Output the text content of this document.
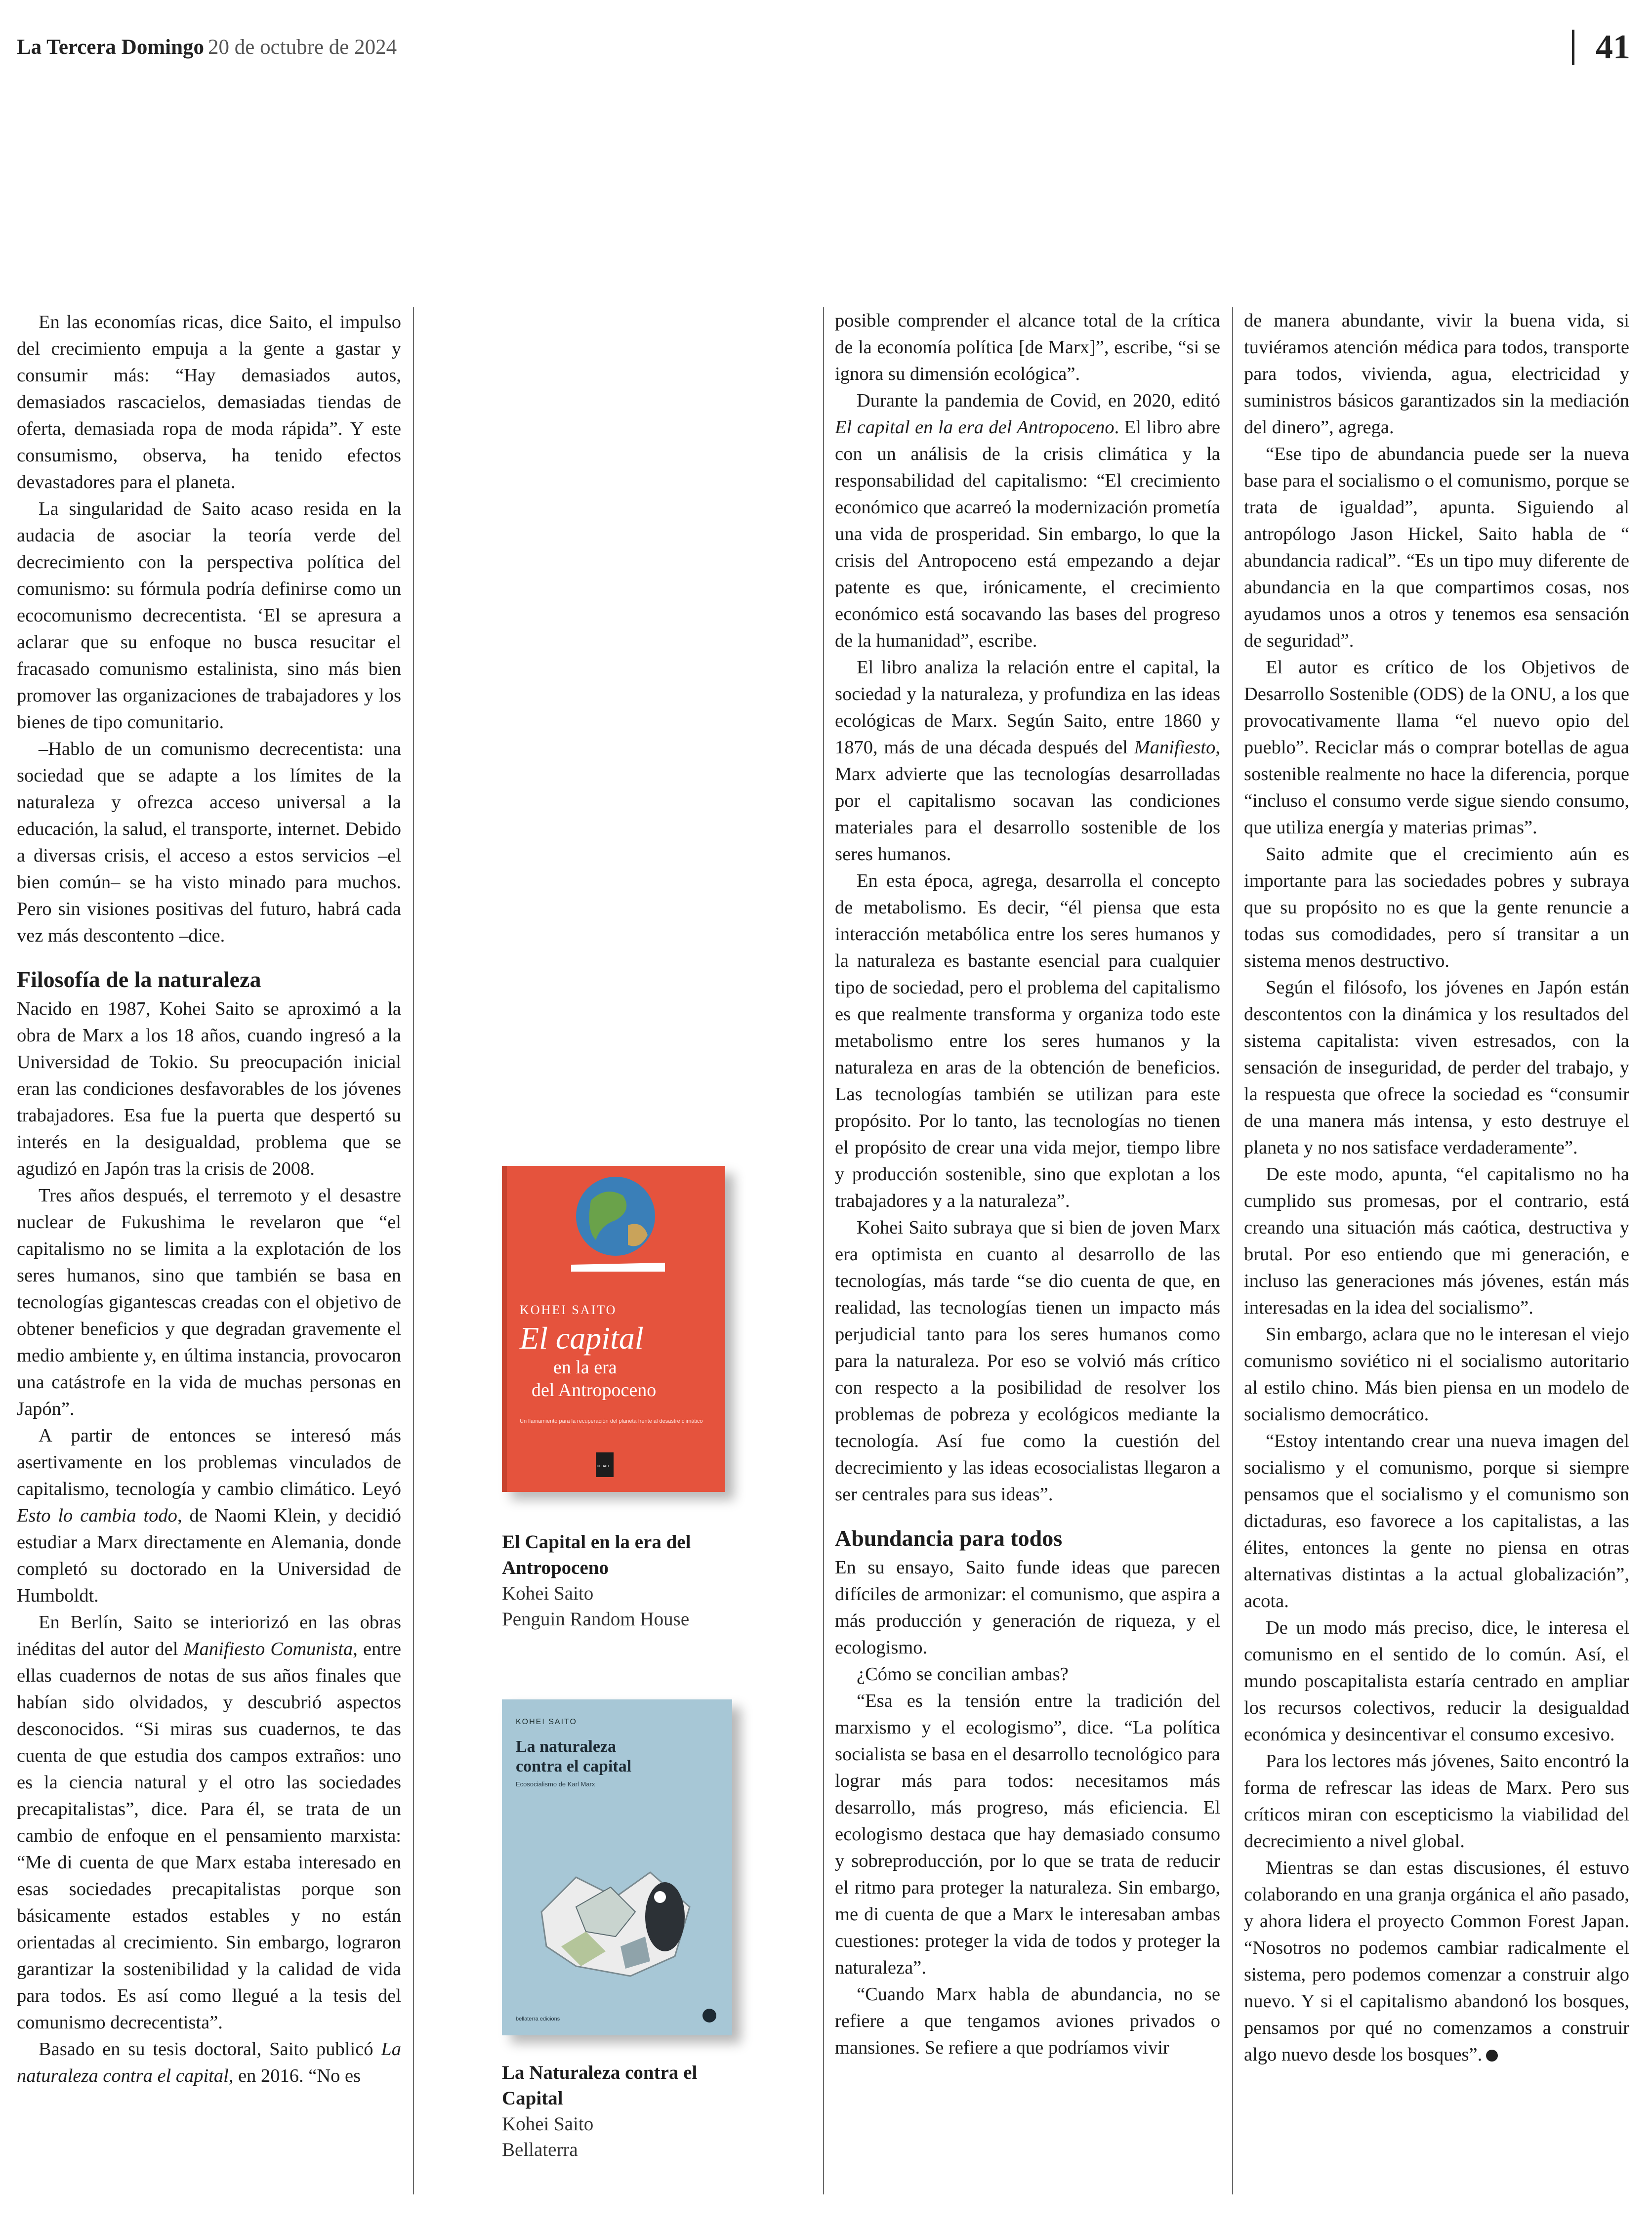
La Tercera Domingo 20 de octubre de 2024	41

En las economías ricas, dice Saito, el impulso del crecimiento empuja a la gente a gastar y consumir más: “Hay demasiados autos, demasiados rascacielos, demasiadas tiendas de oferta, demasiada ropa de moda rápida”. Y este consumismo, observa, ha tenido efectos devastadores para el planeta.

La singularidad de Saito acaso resida en la audacia de asociar la teoría verde del decrecimiento con la perspectiva política del comunismo: su fórmula podría definirse como un ecocomunismo decrecentista. ‘El se apresura a aclarar que su enfoque no busca resucitar el fracasado comunismo estalinista, sino más bien promover las organizaciones de trabajadores y los bienes de tipo comunitario.

–Hablo de un comunismo decrecentista: una sociedad que se adapte a los límites de la naturaleza y ofrezca acceso universal a la educación, la salud, el transporte, internet. Debido a diversas crisis, el acceso a estos servicios –el bien común– se ha visto minado para muchos. Pero sin visiones positivas del futuro, habrá cada vez más descontento –dice.

Filosofía de la naturaleza

Nacido en 1987, Kohei Saito se aproximó a la obra de Marx a los 18 años, cuando ingresó a la Universidad de Tokio. Su preocupación inicial eran las condiciones desfavorables de los jóvenes trabajadores. Esa fue la puerta que despertó su interés en la desigualdad, problema que se agudizó en Japón tras la crisis de 2008.

Tres años después, el terremoto y el desastre nuclear de Fukushima le revelaron que “el capitalismo no se limita a la explotación de los seres humanos, sino que también se basa en tecnologías gigantescas creadas con el objetivo de obtener beneficios y que degradan gravemente el medio ambiente y, en última instancia, provocaron una catástrofe en la vida de muchas personas en Japón”.

A partir de entonces se interesó más asertivamente en los problemas vinculados de capitalismo, tecnología y cambio climático. Leyó Esto lo cambia todo, de Naomi Klein, y decidió estudiar a Marx directamente en Alemania, donde completó su doctorado en la Universidad de Humboldt.

En Berlín, Saito se interiorizó en las obras inéditas del autor del Manifiesto Comunista, entre ellas cuadernos de notas de sus años finales que habían sido olvidados, y descubrió aspectos desconocidos. “Si miras sus cuadernos, te das cuenta de que estudia dos campos extraños: uno es la ciencia natural y el otro las sociedades precapitalistas”, dice. Para él, se trata de un cambio de enfoque en el pensamiento marxista: “Me di cuenta de que Marx estaba interesado en esas sociedades precapitalistas porque son básicamente estados estables y no están orientadas al crecimiento. Sin embargo, lograron garantizar la sostenibilidad y la calidad de vida para todos. Es así como llegué a la tesis del comunismo decrecentista”.

Basado en su tesis doctoral, Saito publicó La naturaleza contra el capital, en 2016. “No es

KOHEI SAITO
El capital
en la era
del Antropoceno
Un llamamiento para la recuperación del planeta frente al desastre climático
DEBATE
El Capital en la era del Antropoceno
Kohei Saito
Penguin Random House
KOHEI SAITO
La naturaleza
contra el capital
Ecosocialismo de Karl Marx
bellaterra edicions
La Naturaleza contra el Capital
Kohei Saito
Bellaterra

posible comprender el alcance total de la crítica de la economía política [de Marx]”, escribe, “si se ignora su dimensión ecológica”.

Durante la pandemia de Covid, en 2020, editó El capital en la era del Antropoceno. El libro abre con un análisis de la crisis climática y la responsabilidad del capitalismo: “El crecimiento económico que acarreó la modernización prometía una vida de prosperidad. Sin embargo, lo que la crisis del Antropoceno está empezando a dejar patente es que, irónicamente, el crecimiento económico está socavando las bases del progreso de la humanidad”, escribe.

El libro analiza la relación entre el capital, la sociedad y la naturaleza, y profundiza en las ideas ecológicas de Marx. Según Saito, entre 1860 y 1870, más de una década después del Manifiesto, Marx advierte que las tecnologías desarrolladas por el capitalismo socavan las condiciones materiales para el desarrollo sostenible de los seres humanos.

En esta época, agrega, desarrolla el concepto de metabolismo. Es decir, “él piensa que esta interacción metabólica entre los seres humanos y la naturaleza es bastante esencial para cualquier tipo de sociedad, pero el problema del capitalismo es que realmente transforma y organiza todo este metabolismo entre los seres humanos y la naturaleza en aras de la obtención de beneficios. Las tecnologías también se utilizan para este propósito. Por lo tanto, las tecnologías no tienen el propósito de crear una vida mejor, tiempo libre y producción sostenible, sino que explotan a los trabajadores y a la naturaleza”.

Kohei Saito subraya que si bien de joven Marx era optimista en cuanto al desarrollo de las tecnologías, más tarde “se dio cuenta de que, en realidad, las tecnologías tienen un impacto más perjudicial tanto para los seres humanos como para la naturaleza. Por eso se volvió más crítico con respecto a la posibilidad de resolver los problemas de pobreza y ecológicos mediante la tecnología. Así fue como la cuestión del decrecimiento y las ideas ecosocialistas llegaron a ser centrales para sus ideas”.

Abundancia para todos

En su ensayo, Saito funde ideas que parecen difíciles de armonizar: el comunismo, que aspira a más producción y generación de riqueza, y el ecologismo.

¿Cómo se concilian ambas?

“Esa es la tensión entre la tradición del marxismo y el ecologismo”, dice. “La política socialista se basa en el desarrollo tecnológico para lograr más para todos: necesitamos más desarrollo, más progreso, más eficiencia. El ecologismo destaca que hay demasiado consumo y sobreproducción, por lo que se trata de reducir el ritmo para proteger la naturaleza. Sin embargo, me di cuenta de que a Marx le interesaban ambas cuestiones: proteger la vida de todos y proteger la naturaleza”.

“Cuando Marx habla de abundancia, no se refiere a que tengamos aviones privados o mansiones. Se refiere a que podríamos vivir

de manera abundante, vivir la buena vida, si tuviéramos atención médica para todos, transporte para todos, vivienda, agua, electricidad y suministros básicos garantizados sin la mediación del dinero”, agrega.

“Ese tipo de abundancia puede ser la nueva base para el socialismo o el comunismo, porque se trata de igualdad”, apunta. Siguiendo al antropólogo Jason Hickel, Saito habla de “ abundancia radical”. “Es un tipo muy diferente de abundancia en la que compartimos cosas, nos ayudamos unos a otros y tenemos esa sensación de seguridad”.

El autor es crítico de los Objetivos de Desarrollo Sostenible (ODS) de la ONU, a los que provocativamente llama “el nuevo opio del pueblo”. Reciclar más o comprar botellas de agua sostenible realmente no hace la diferencia, porque “incluso el consumo verde sigue siendo consumo, que utiliza energía y materias primas”.

Saito admite que el crecimiento aún es importante para las sociedades pobres y subraya que su propósito no es que la gente renuncie a todas sus comodidades, pero sí transitar a un sistema menos destructivo.

Según el filósofo, los jóvenes en Japón están descontentos con la dinámica y los resultados del sistema capitalista: viven estresados, con la sensación de inseguridad, de perder del trabajo, y la respuesta que ofrece la sociedad es “consumir de una manera más intensa, y esto destruye el planeta y no nos satisface verdaderamente”.

De este modo, apunta, “el capitalismo no ha cumplido sus promesas, por el contrario, está creando una situación más caótica, destructiva y brutal. Por eso entiendo que mi generación, e incluso las generaciones más jóvenes, están más interesadas en la idea del socialismo”.

Sin embargo, aclara que no le interesan el viejo comunismo soviético ni el socialismo autoritario al estilo chino. Más bien piensa en un modelo de socialismo democrático.

“Estoy intentando crear una nueva imagen del socialismo y el comunismo, porque si siempre pensamos que el socialismo y el comunismo son dictaduras, eso favorece a los capitalistas, a las élites, entonces la gente no piensa en otras alternativas distintas a la actual globalización”, acota.

De un modo más preciso, dice, le interesa el comunismo en el sentido de lo común. Así, el mundo poscapitalista estaría centrado en ampliar los recursos colectivos, reducir la desigualdad económica y desincentivar el consumo excesivo.

Para los lectores más jóvenes, Saito encontró la forma de refrescar las ideas de Marx. Pero sus críticos miran con escepticismo la viabilidad del decrecimiento a nivel global.

Mientras se dan estas discusiones, él estuvo colaborando en una granja orgánica el año pasado, y ahora lidera el proyecto Common Forest Japan. “Nosotros no podemos cambiar radicalmente el sistema, pero podemos comenzar a construir algo nuevo. Y si el capitalismo abandonó los bosques, pensamos por qué no comenzamos a construir algo nuevo desde los bosques”.
